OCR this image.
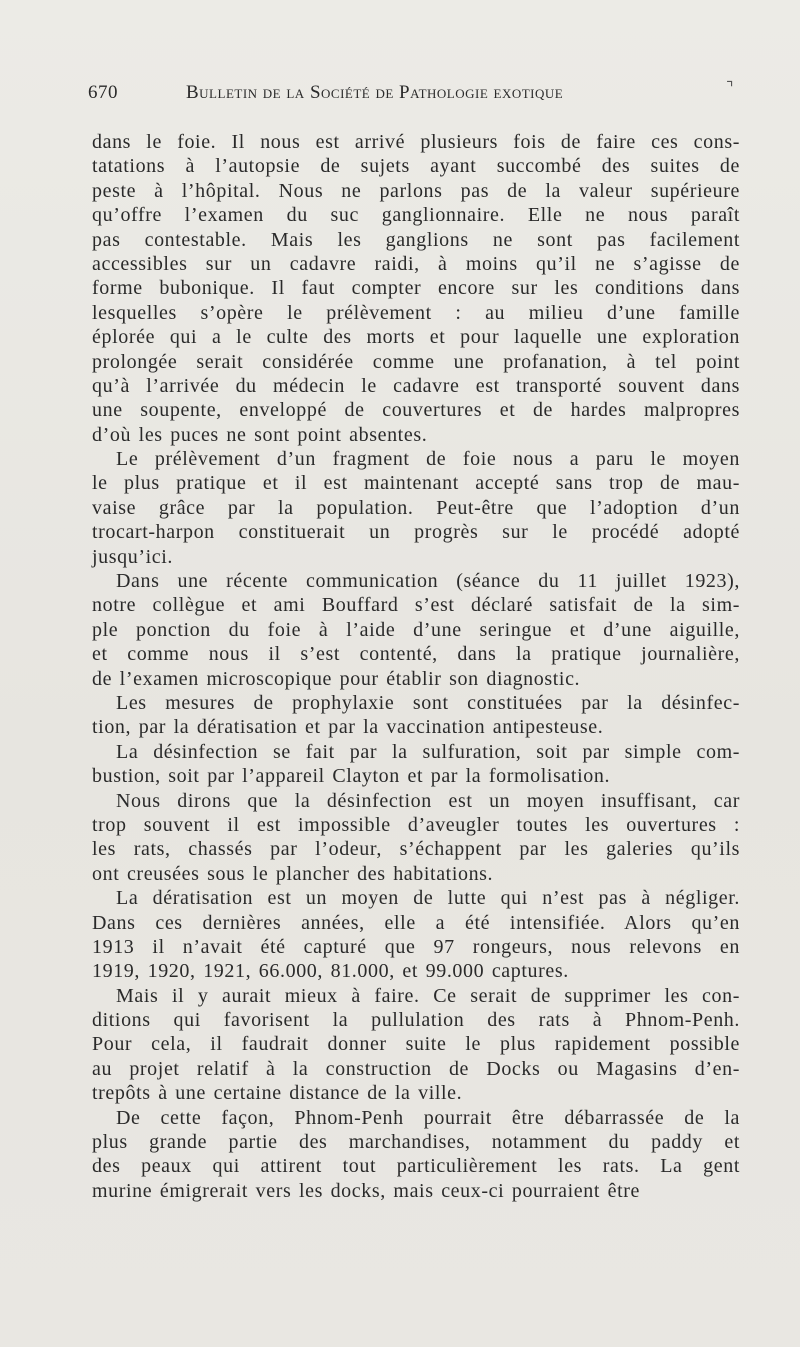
670	Bulletin de la Société de Pathologie exotique	⌝
dans le foie. Il nous est arrivé plusieurs fois de faire ces cons-
tatations à l’autopsie de sujets ayant succombé des suites de
peste à l’hôpital. Nous ne parlons pas de la valeur supérieure
qu’offre l’examen du suc ganglionnaire. Elle ne nous paraît
pas contestable. Mais les ganglions ne sont pas facilement
accessibles sur un cadavre raidi, à moins qu’il ne s’agisse de
forme bubonique. Il faut compter encore sur les conditions dans
lesquelles s’opère le prélèvement : au milieu d’une famille
éplorée qui a le culte des morts et pour laquelle une exploration
prolongée serait considérée comme une profanation, à tel point
qu’à l’arrivée du médecin le cadavre est transporté souvent dans
une soupente, enveloppé de couvertures et de hardes malpropres
d’où les puces ne sont point absentes.
Le prélèvement d’un fragment de foie nous a paru le moyen
le plus pratique et il est maintenant accepté sans trop de mau-
vaise grâce par la population. Peut-être que l’adoption d’un
trocart-harpon constituerait un progrès sur le procédé adopté
jusqu’ici.
Dans une récente communication (séance du 11 juillet 1923),
notre collègue et ami Bouffard s’est déclaré satisfait de la sim-
ple ponction du foie à l’aide d’une seringue et d’une aiguille,
et comme nous il s’est contenté, dans la pratique journalière,
de l’examen microscopique pour établir son diagnostic.
Les mesures de prophylaxie sont constituées par la désinfec-
tion, par la dératisation et par la vaccination antipesteuse.
La désinfection se fait par la sulfuration, soit par simple com-
bustion, soit par l’appareil Clayton et par la formolisation.
Nous dirons que la désinfection est un moyen insuffisant, car
trop souvent il est impossible d’aveugler toutes les ouvertures :
les rats, chassés par l’odeur, s’échappent par les galeries qu’ils
ont creusées sous le plancher des habitations.
La dératisation est un moyen de lutte qui n’est pas à négliger.
Dans ces dernières années, elle a été intensifiée. Alors qu’en
1913 il n’avait été capturé que 97 rongeurs, nous relevons en
1919, 1920, 1921, 66.000, 81.000, et 99.000 captures.
Mais il y aurait mieux à faire. Ce serait de supprimer les con-
ditions qui favorisent la pullulation des rats à Phnom-Penh.
Pour cela, il faudrait donner suite le plus rapidement possible
au projet relatif à la construction de Docks ou Magasins d’en-
trepôts à une certaine distance de la ville.
De cette façon, Phnom-Penh pourrait être débarrassée de la
plus grande partie des marchandises, notamment du paddy et
des peaux qui attirent tout particulièrement les rats. La gent
murine émigrerait vers les docks, mais ceux-ci pourraient être
